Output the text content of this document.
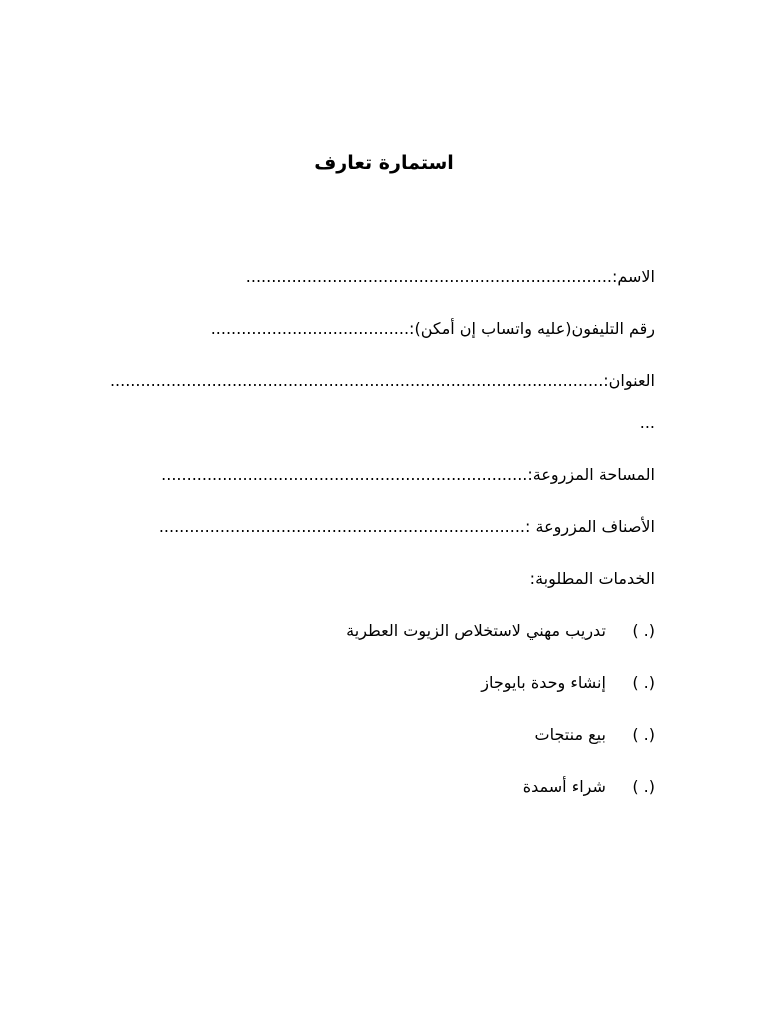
استمارة تعارف
الاسم:........................................................................
رقم التليفون(عليه واتساب إن أمكن):.......................................
العنوان:.................................................................................................
...
المساحة المزروعة:........................................................................
الأصناف المزروعة :........................................................................
الخدمات المطلوبة:
(. ) تدريب مهني لاستخلاص الزيوت العطرية
(. ) إنشاء وحدة بايوجاز
(. ) بيع منتجات
(. ) شراء أسمدة
